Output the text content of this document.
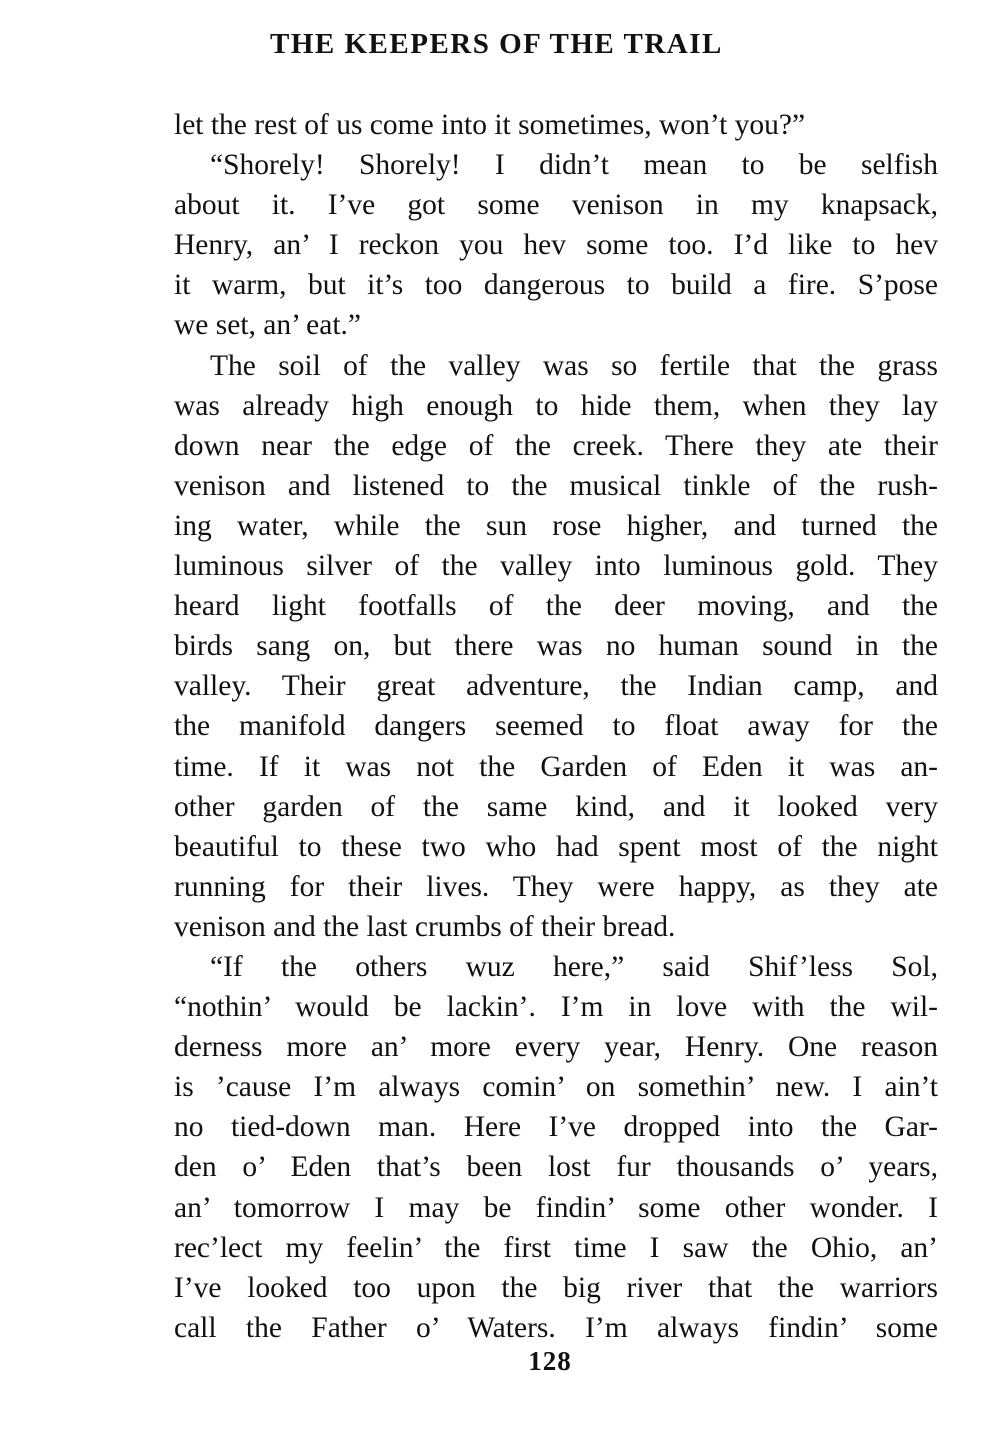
THE KEEPERS OF THE TRAIL
let the rest of us come into it sometimes, won’t you?”
“Shorely! Shorely! I didn’t mean to be selfish
about it. I’ve got some venison in my knapsack,
Henry, an’ I reckon you hev some too. I’d like to hev
it warm, but it’s too dangerous to build a fire. S’pose
we set, an’ eat.”
The soil of the valley was so fertile that the grass
was already high enough to hide them, when they lay
down near the edge of the creek. There they ate their
venison and listened to the musical tinkle of the rush-
ing water, while the sun rose higher, and turned the
luminous silver of the valley into luminous gold. They
heard light footfalls of the deer moving, and the
birds sang on, but there was no human sound in the
valley. Their great adventure, the Indian camp, and
the manifold dangers seemed to float away for the
time. If it was not the Garden of Eden it was an-
other garden of the same kind, and it looked very
beautiful to these two who had spent most of the night
running for their lives. They were happy, as they ate
venison and the last crumbs of their bread.
“If the others wuz here,” said Shif’less Sol,
“nothin’ would be lackin’. I’m in love with the wil-
derness more an’ more every year, Henry. One reason
is ’cause I’m always comin’ on somethin’ new. I ain’t
no tied-down man. Here I’ve dropped into the Gar-
den o’ Eden that’s been lost fur thousands o’ years,
an’ tomorrow I may be findin’ some other wonder. I
rec’lect my feelin’ the first time I saw the Ohio, an’
I’ve looked too upon the big river that the warriors
call the Father o’ Waters. I’m always findin’ some
128
